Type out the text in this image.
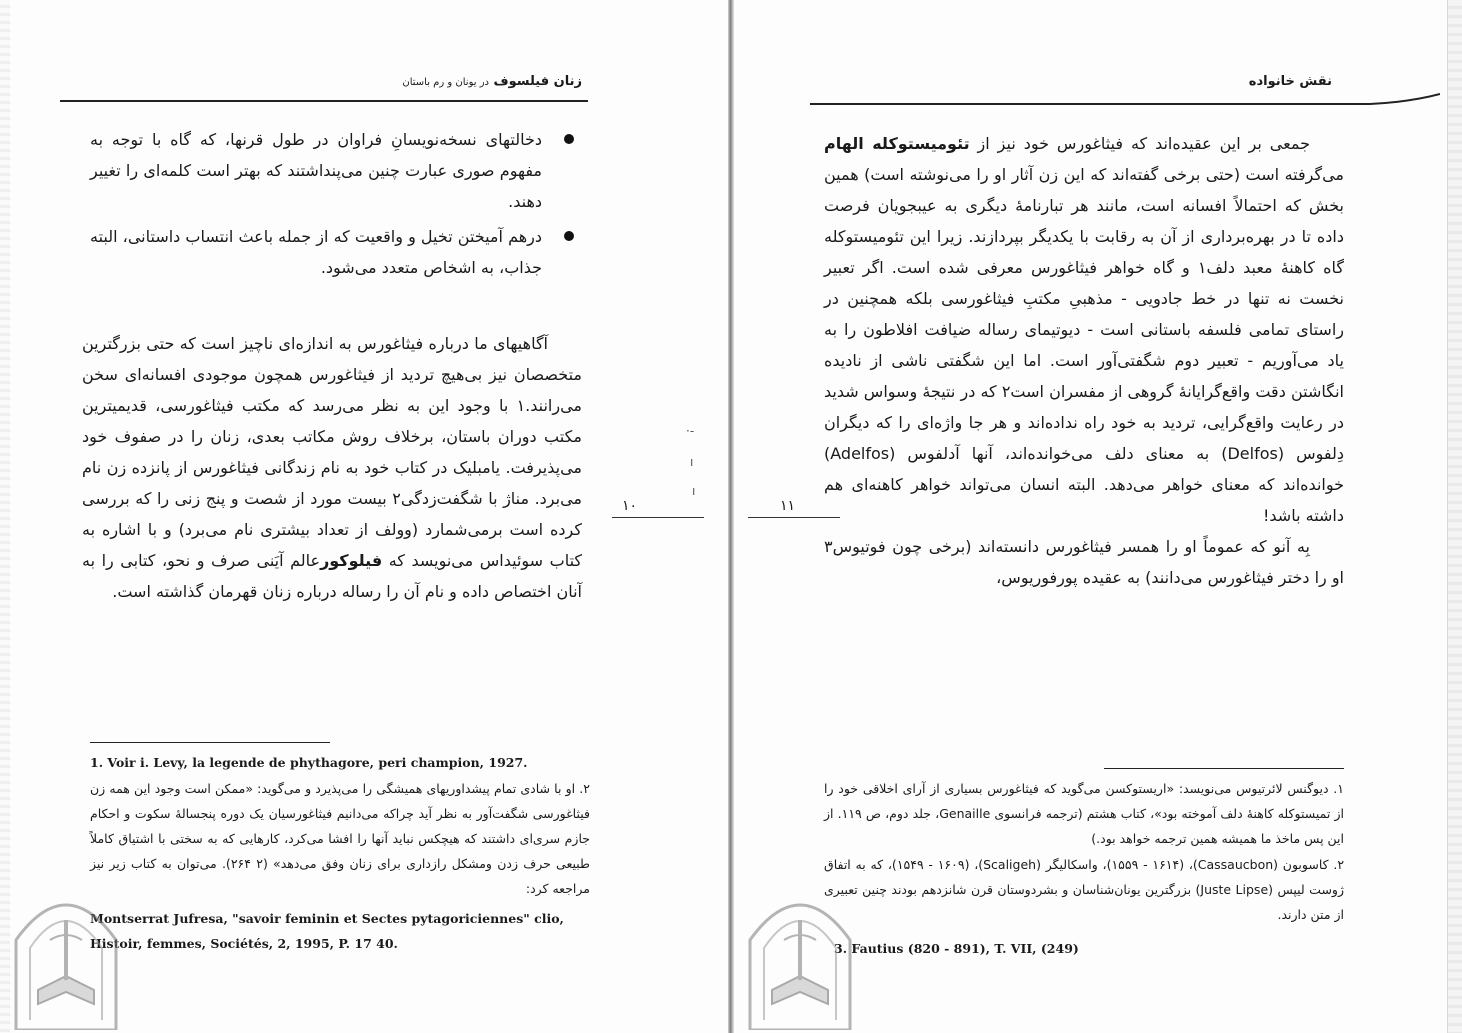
زنان فیلسوف در یونان و رم باستان
دخالتهای نسخه‌نویسانِ فراوان در طول قرنها، که گاه با توجه به مفهوم صوری عبارت چنین می‌پنداشتند که بهتر است کلمه‌ای را تغییر دهند.
درهم آمیختن تخیل و واقعیت که از جمله باعث انتساب داستانی، البته جذاب، به اشخاص متعدد می‌شود.

آگاهیهای ما درباره فیثاغورس به اندازه‌ای ناچیز است که حتی بزرگترین متخصصان نیز بی‌هیچ تردید از فیثاغورس همچون موجودی افسانه‌ای سخن می‌رانند.۱ با وجود این به نظر می‌رسد که مکتب فیثاغورسی، قدیمیترین مکتب دوران باستان، برخلاف روش مکاتب بعدی، زنان را در صفوف خود می‌پذیرفت. یامبلیک در کتاب خود به نام زندگانی فیثاغورس از پانزده زن نام می‌برد. مناژ با شگفت‌زدگی۲ بیست مورد از شصت و پنج زنی را که بررسی کرده است برمی‌شمارد (وولف از تعداد بیشتری نام می‌برد) و با اشاره به کتاب سوئیداس می‌نویسد که فیلوکورعالم آیَنی صرف و نحو، کتابی را به آنان اختصاص داده و نام آن را رساله درباره زنان قهرمان گذاشته است.

۱۰
·-
ı
ı
1. Voir i. Levy, la legende de phythagore, peri champion, 1927.
۲. او با شادی تمام پیشداوریهای همیشگی را می‌پذیرد و می‌گوید: «ممکن است وجود این همه زن فیثاغورسی شگفت‌آور به نظر آید چراکه می‌دانیم فیثاغورسیان یک دوره پنجسالهٔ سکوت و احکام جازم سری‌ای داشتند که هیچکس نباید آنها را افشا می‌کرد، کارهایی که به سختی با اشتیاق کاملاً طبیعی حرف زدن ومشکل رازداری برای زنان وفق می‌دهد» (۲ ۲۶۴). می‌توان به کتاب زیر نیز مراجعه کرد:
Montserrat Jufresa, "savoir feminin et Sectes pytagoriciennes" clio, Histoir, femmes, Sociétés, 2, 1995, P. 17 40.
نقش خانواده

جمعی بر این عقیده‌اند که فیثاغورس خود نیز از تئومیستوکله الهام می‌گرفته است (حتی برخی گفته‌اند که این زن آثار او را می‌نوشته است) همین بخش که احتمالاً افسانه است، مانند هر تبارنامهٔ دیگری به عیبجویان فرصت داده تا در بهره‌برداری از آن به رقابت با یکدیگر بپردازند. زیرا این تئومیستوکله گاه کاهنهٔ معبد دلف۱ و گاه خواهر فیثاغورس معرفی شده است. اگر تعبیر نخست نه تنها در خط جادویی - مذهبیِ مکتبِ فیثاغورسی بلکه همچنین در راستای تمامی فلسفه باستانی است - دیوتیمای رساله ضیافت افلاطون را به یاد می‌آوریم - تعبیر دوم شگفتی‌آور است. اما این شگفتی ناشی از نادیده انگاشتن دقت واقع‌گرایانهٔ گروهی از مفسران است۲ که در نتیجهٔ وسواس شدید در رعایت واقع‌گرایی، تردید به خود راه نداده‌اند و هر جا واژه‌ای را که دیگران دِلفوس (Delfos) به معنای دلف می‌خوانده‌اند، آنها آدلفوس (Adelfos) خوانده‌اند که معنای خواهر می‌دهد. البته انسان می‌تواند خواهر کاهنه‌ای هم داشته باشد!

بِه آنو که عموماً او را همسر فیثاغورس دانسته‌اند (برخی چون فوتیوس۳ او را دختر فیثاغورس می‌دانند) به عقیده پورفوریوس،

۱۱
۱. دیوگنس لائرتیوس می‌نویسد: «اریستوکسن می‌گوید که فیثاغورس بسیاری از آرای اخلاقی خود را از تمیستوکله کاهنهٔ دلف آموخته بود»، کتاب هشتم (ترجمه فرانسوی Genaille، جلد دوم، ص ۱۱۹. از این پس ماخذ ما همیشه همین ترجمه خواهد بود.)
۲. کاسوبون (Cassaucbon)، (۱۵۵۹ - ۱۶۱۴)، واسکالیگر (Scaligeh)، (۱۵۴۹ - ۱۶۰۹)، که به اتفاق ژوست لیپس (Juste Lipse) بزرگترین یونان‌شناسان و بشردوستان قرن شانزدهم بودند چنین تعبیری از متن دارند.
3. Fautius (820 - 891), T. VII, (249)
